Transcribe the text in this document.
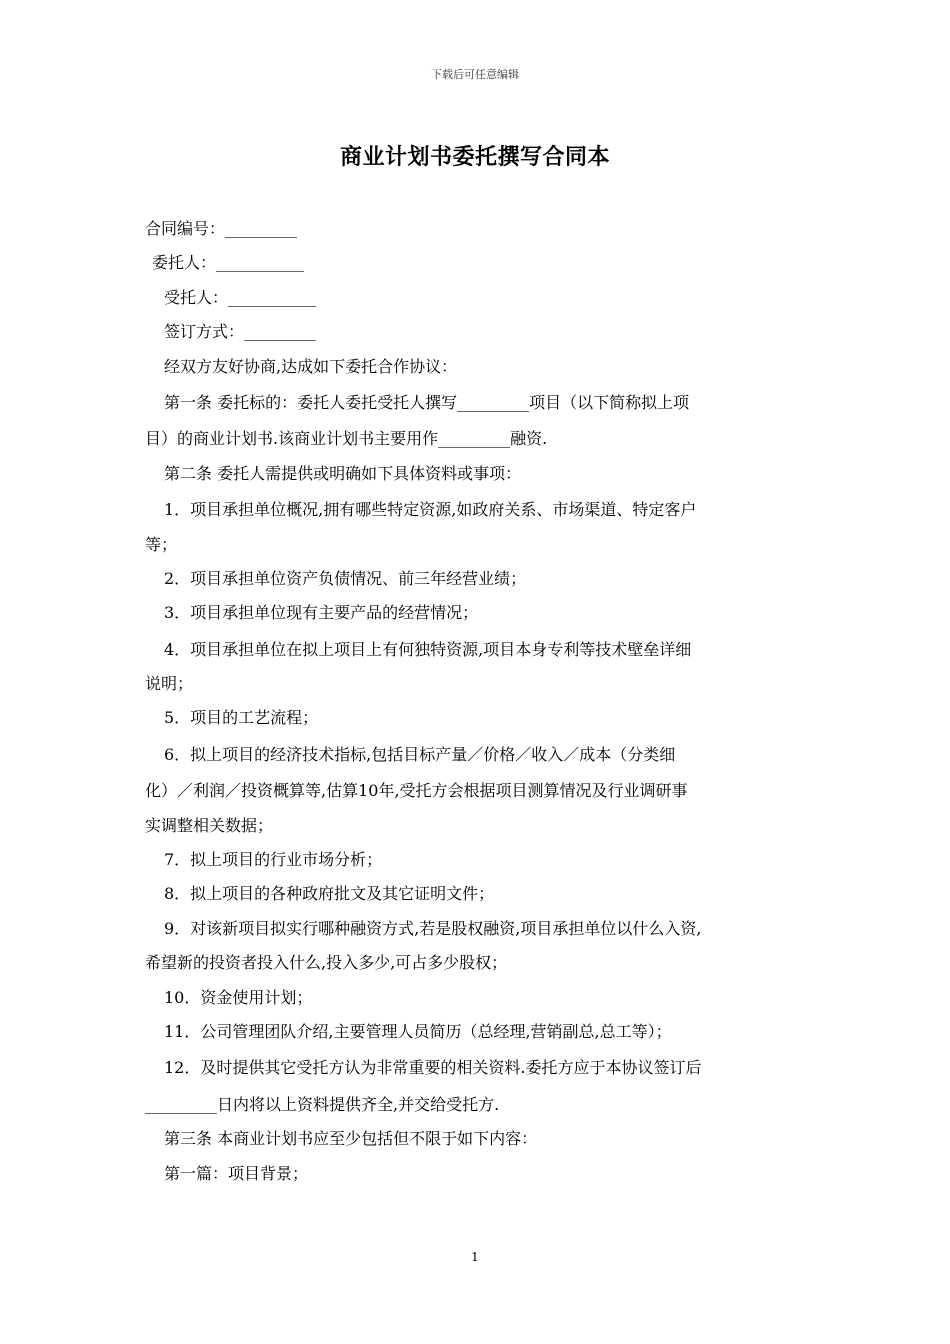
下载后可任意编辑
商业计划书委托撰写合同本
合同编号：_________
委托人：___________
受托人：___________
签订方式：_________
经双方友好协商,达成如下委托合作协议：
第一条 委托标的：委托人委托受托人撰写_________项目（以下简称拟上项
目）的商业计划书.该商业计划书主要用作_________融资.
第二条 委托人需提供或明确如下具体资料或事项：
1．项目承担单位概况,拥有哪些特定资源,如政府关系、市场渠道、特定客户
等；
2．项目承担单位资产负债情况、前三年经营业绩；
3．项目承担单位现有主要产品的经营情况；
4．项目承担单位在拟上项目上有何独特资源,项目本身专利等技术壁垒详细
说明；
5．项目的工艺流程；
6．拟上项目的经济技术指标,包括目标产量／价格／收入／成本（分类细
化）／利润／投资概算等,估算10年,受托方会根据项目测算情况及行业调研事
实调整相关数据；
7．拟上项目的行业市场分析；
8．拟上项目的各种政府批文及其它证明文件；
9．对该新项目拟实行哪种融资方式,若是股权融资,项目承担单位以什么入资,
希望新的投资者投入什么,投入多少,可占多少股权；
10．资金使用计划；
11．公司管理团队介绍,主要管理人员简历（总经理,营销副总,总工等）；
12．及时提供其它受托方认为非常重要的相关资料.委托方应于本协议签订后
_________日内将以上资料提供齐全,并交给受托方.
第三条 本商业计划书应至少包括但不限于如下内容：
第一篇：项目背景；
1
